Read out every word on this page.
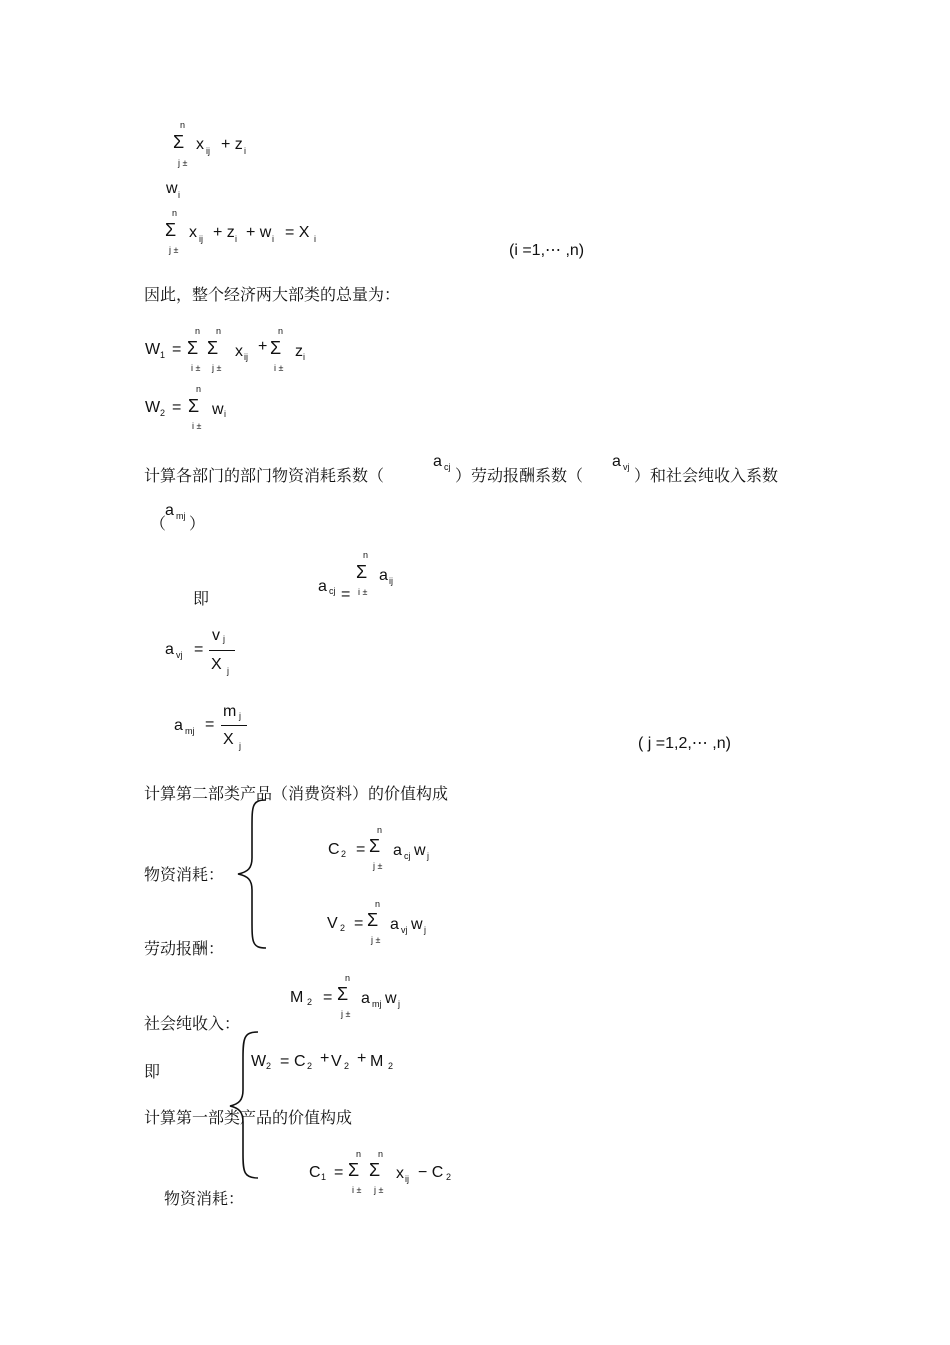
n
Σ
j ±
x ij + z i
w i
n
Σ
j ±
x ij + z i + w i = X i
(i =1,⋯ ,n)
因此，整个经济两大部类的总量为：
W 1 =
n
Σ
i ±
n
Σ
j ±
x ij
+
n
Σ
i ±
z i
W 2 =
n
Σ
i ±
w i
计算各部门的部门物资消耗系数（
a cj ）劳动报酬系数（
a vj ）和社会纯收入系数
（
a mj ）
即
a cj =
n
Σ
i ±
a ij
a vj =
v j
X j
a mj =
m j
X j	( j =1,2,⋯ ,n)
计算第二部类产品（消费资料）的价值构成
物资消耗：
C 2 =
n
Σ
j ±
a cj w j
V 2 =
n
Σ
j ±
a vj w j
劳动报酬：
M 2 =
n
Σ
j ±
a mj w j
社会纯收入：
即
W 2 = C 2 + V 2 + M 2
计算第一部类产品的价值构成
C 1 =
n
Σ
i ±
n
Σ
j ±
x ij − C 2
物资消耗：
